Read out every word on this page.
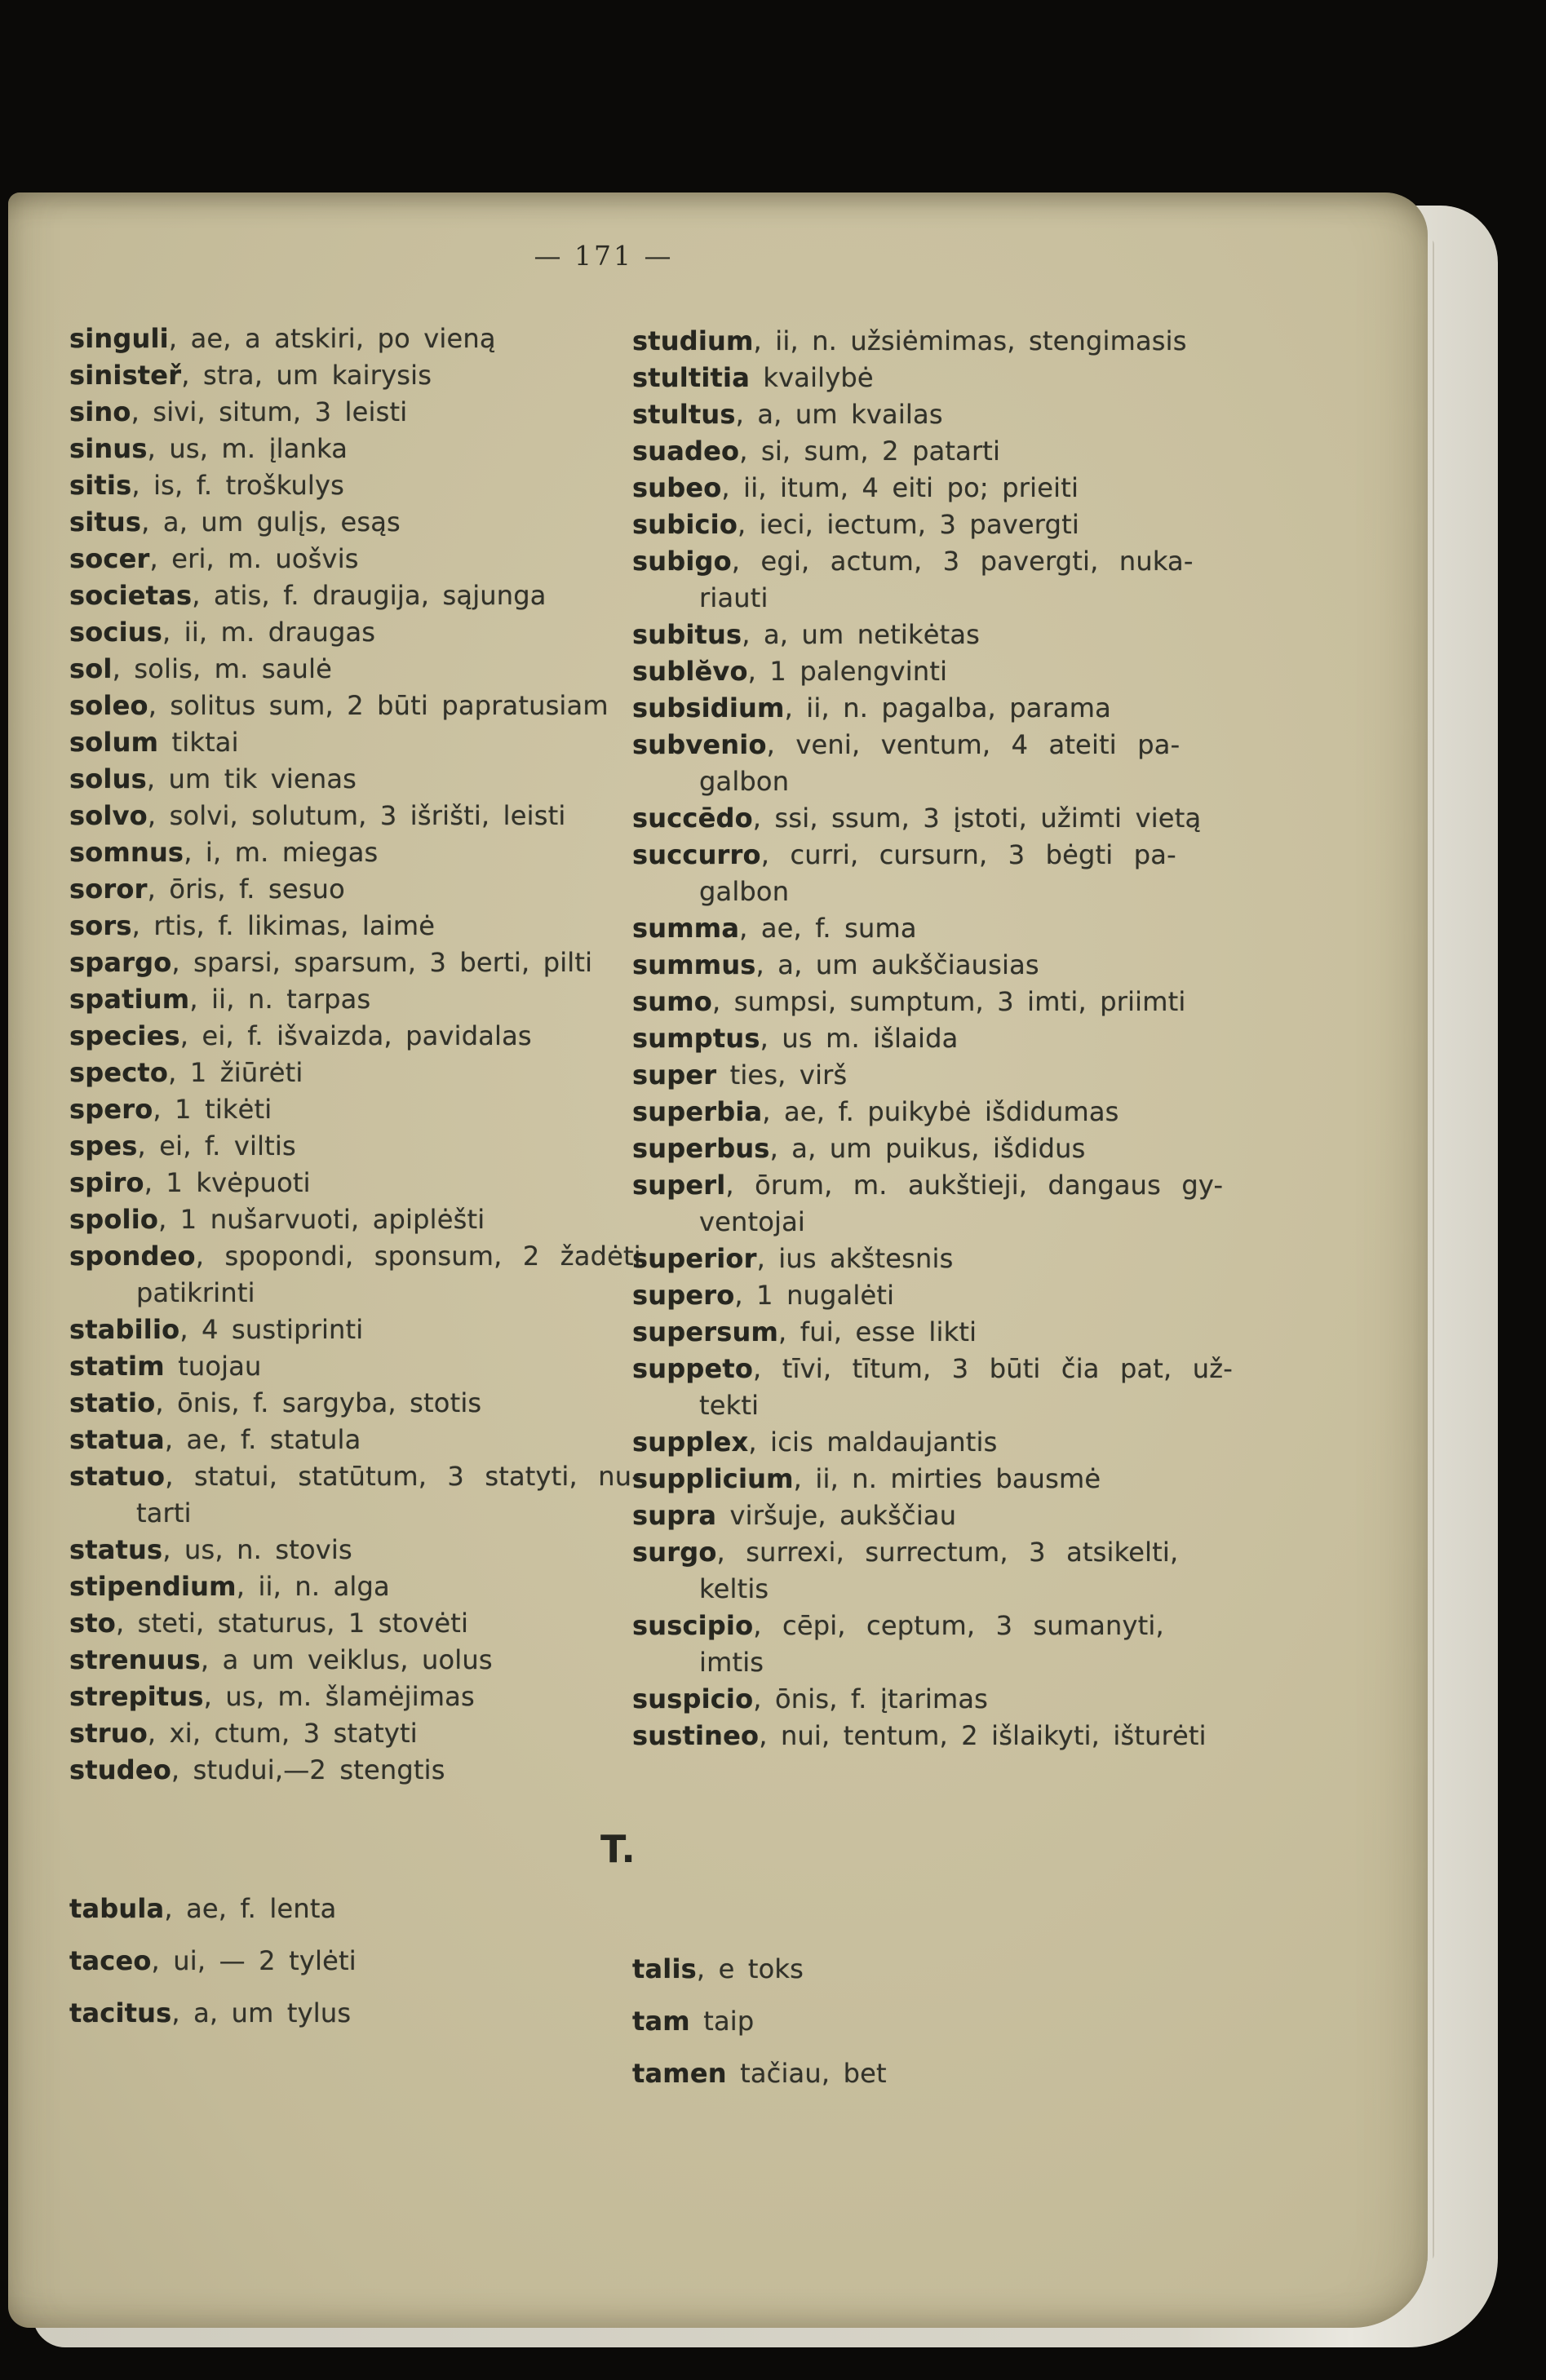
— 171 —
singuli, ae, a atskiri, po vieną
sinisteř, stra, um kairysis
sino, sivi, situm, 3 leisti
sinus, us, m. įlanka
sitis, is, f. troškulys
situs, a, um gulįs, esąs
socer, eri, m. uošvis
societas, atis, f. draugija, sąjunga
socius, ii, m. draugas
sol, solis, m. saulė
soleo, solitus sum, 2 būti papratusiam
solum tiktai
solus, um tik vienas
solvo, solvi, solutum, 3 išrišti, leisti
somnus, i, m. miegas
soror, ōris, f. sesuo
sors, rtis, f. likimas, laimė
spargo, sparsi, sparsum, 3 berti, pilti
spatium, ii, n. tarpas
species, ei, f. išvaizda, pavidalas
specto, 1 žiūrėti
spero, 1 tikėti
spes, ei, f. viltis
spiro, 1 kvėpuoti
spolio, 1 nušarvuoti, apiplėšti
spondeo, spopondi, sponsum, 2 žadėti
patikrinti
stabilio, 4 sustiprinti
statim tuojau
statio, ōnis, f. sargyba, stotis
statua, ae, f. statula
statuo, statui, statūtum, 3 statyti, nu-
tarti
status, us, n. stovis
stipendium, ii, n. alga
sto, steti, staturus, 1 stovėti
strenuus, a um veiklus, uolus
strepitus, us, m. šlamėjimas
struo, xi, ctum, 3 statyti
studeo, studui,—2 stengtis
studium, ii, n. užsiėmimas, stengimasis
stultitia kvailybė
stultus, a, um kvailas
suadeo, si, sum, 2 patarti
subeo, ii, itum, 4 eiti po; prieiti
subicio, ieci, iectum, 3 pavergti
subigo, egi, actum, 3 pavergti, nuka-
riauti
subitus, a, um netikėtas
sublĕvo, 1 palengvinti
subsidium, ii, n. pagalba, parama
subvenio, veni, ventum, 4 ateiti pa-
galbon
succēdo, ssi, ssum, 3 įstoti, užimti vietą
succurro, curri, cursurn, 3 bėgti pa-
galbon
summa, ae, f. suma
summus, a, um aukščiausias
sumo, sumpsi, sumptum, 3 imti, priimti
sumptus, us m. išlaida
super ties, virš
superbia, ae, f. puikybė išdidumas
superbus, a, um puikus, išdidus
superl, ōrum, m. aukštieji, dangaus gy-
ventojai
superior, ius akštesnis
supero, 1 nugalėti
supersum, fui, esse likti
suppeto, tīvi, tītum, 3 būti čia pat, už-
tekti
supplex, icis maldaujantis
supplicium, ii, n. mirties bausmė
supra viršuje, aukščiau
surgo, surrexi, surrectum, 3 atsikelti,
keltis
suscipio, cēpi, ceptum, 3 sumanyti,
imtis
suspicio, ōnis, f. įtarimas
sustineo, nui, tentum, 2 išlaikyti, išturėti
T.
tabula, ae, f. lenta
taceo, ui, — 2 tylėti
tacitus, a, um tylus
talis, e toks
tam taip
tamen tačiau, bet
